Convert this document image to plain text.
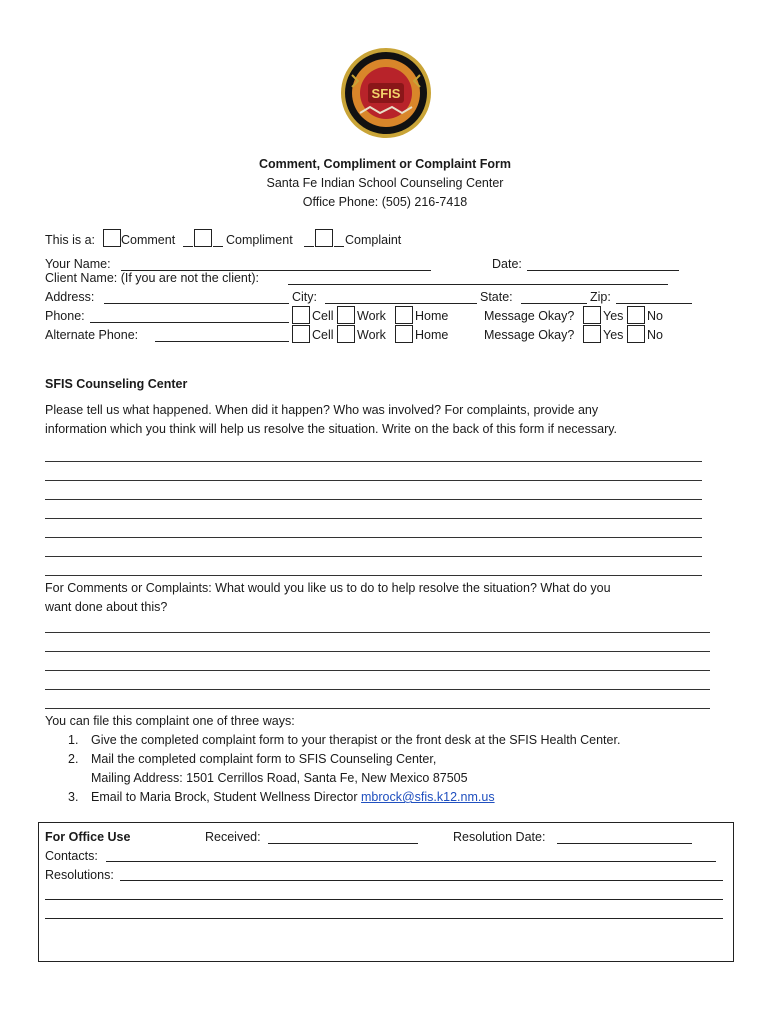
SFIS
Comment, Compliment or Complaint Form
Santa Fe Indian School Counseling Center
Office Phone: (505) 216-7418
This is a: Comment	Compliment	Complaint
Your Name:	Date:
Client Name: (If you are not the client):
Address:	City:	State:	Zip:
Phone:	Cell Work Home	Message Okay? Yes No
Alternate Phone:	Cell Work Home	Message Okay? Yes No
SFIS Counseling Center
Please tell us what happened. When did it happen? Who was involved? For complaints, provide any
information which you think will help us resolve the situation. Write on the back of this form if necessary.
For Comments or Complaints: What would you like us to do to help resolve the situation? What do you
want done about this?
You can file this complaint one of three ways:
1. Give the completed complaint form to your therapist or the front desk at the SFIS Health Center.
2. Mail the completed complaint form to SFIS Counseling Center,
Mailing Address: 1501 Cerrillos Road, Santa Fe, New Mexico 87505
3. Email to Maria Brock, Student Wellness Director mbrock@sfis.k12.nm.us
For Office Use	Received:	Resolution Date:
Contacts:
Resolutions:
